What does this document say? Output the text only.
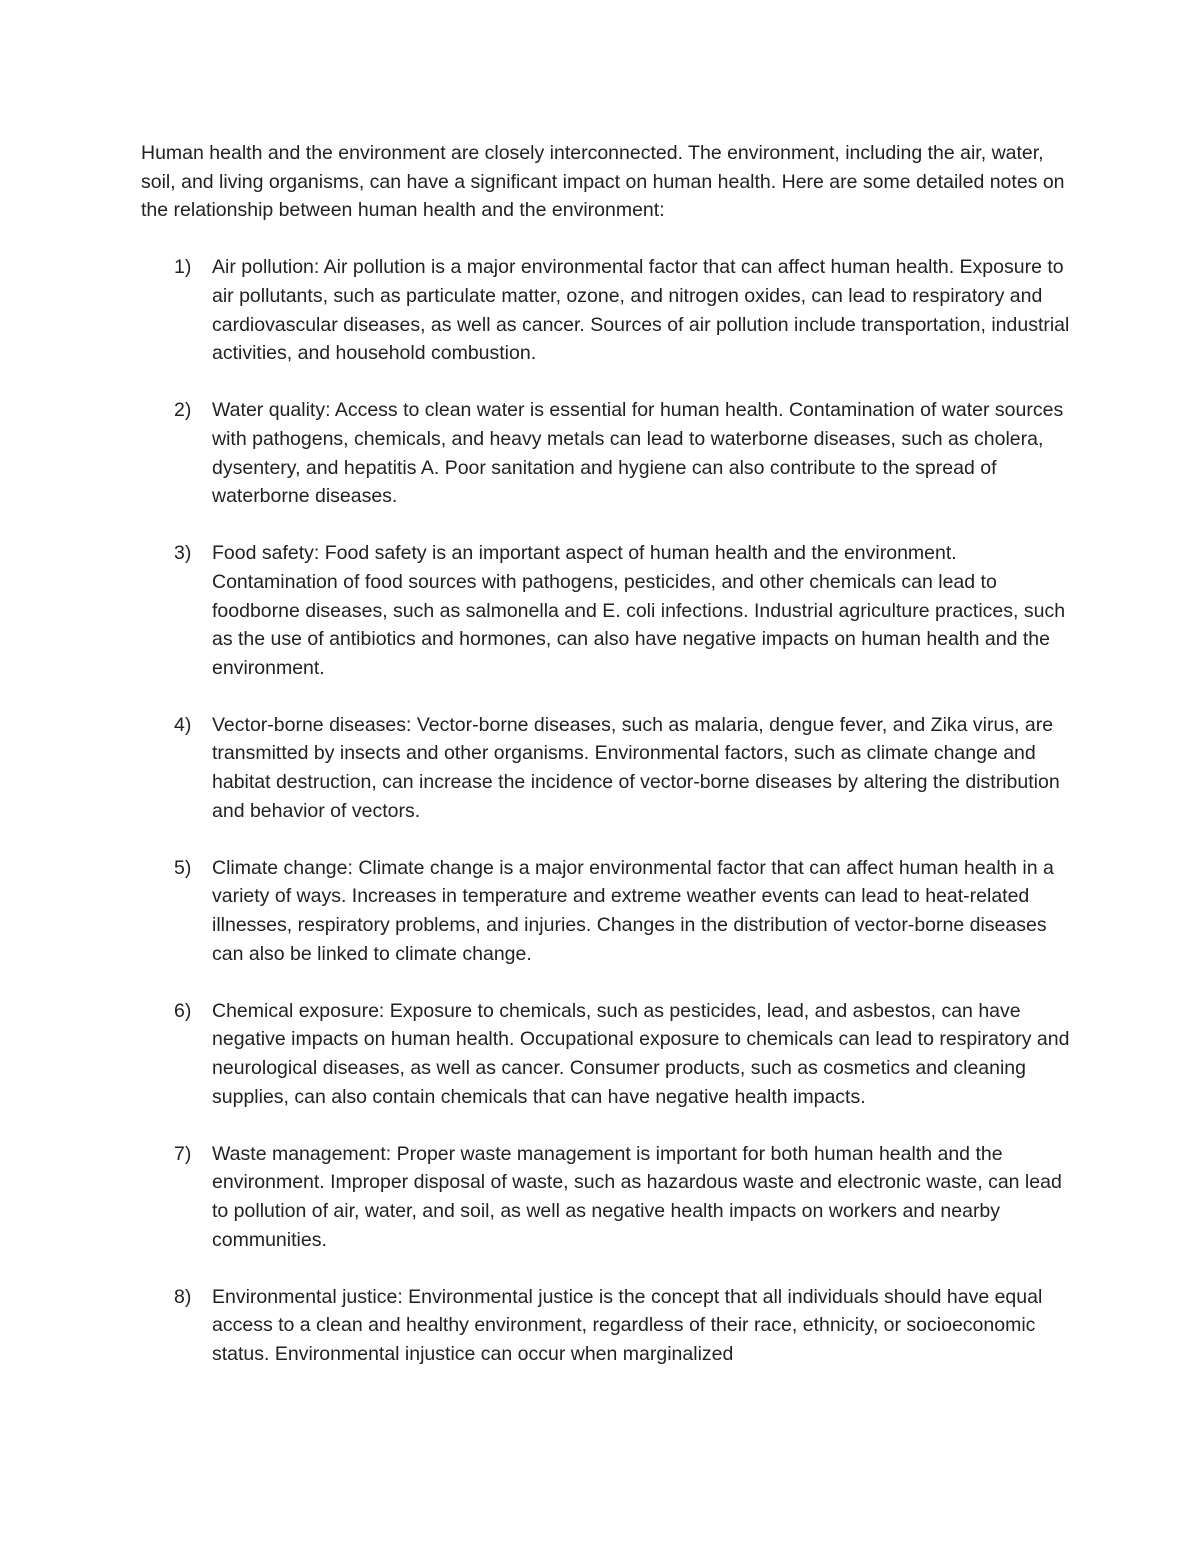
Human health and the environment are closely interconnected. The environment, including the air, water, soil, and living organisms, can have a significant impact on human health. Here are some detailed notes on the relationship between human health and the environment:

1) Air pollution: Air pollution is a major environmental factor that can affect human health. Exposure to air pollutants, such as particulate matter, ozone, and nitrogen oxides, can lead to respiratory and cardiovascular diseases, as well as cancer. Sources of air pollution include transportation, industrial activities, and household combustion.
2) Water quality: Access to clean water is essential for human health. Contamination of water sources with pathogens, chemicals, and heavy metals can lead to waterborne diseases, such as cholera, dysentery, and hepatitis A. Poor sanitation and hygiene can also contribute to the spread of waterborne diseases.
3) Food safety: Food safety is an important aspect of human health and the environment. Contamination of food sources with pathogens, pesticides, and other chemicals can lead to foodborne diseases, such as salmonella and E. coli infections. Industrial agriculture practices, such as the use of antibiotics and hormones, can also have negative impacts on human health and the environment.
4) Vector-borne diseases: Vector-borne diseases, such as malaria, dengue fever, and Zika virus, are transmitted by insects and other organisms. Environmental factors, such as climate change and habitat destruction, can increase the incidence of vector-borne diseases by altering the distribution and behavior of vectors.
5) Climate change: Climate change is a major environmental factor that can affect human health in a variety of ways. Increases in temperature and extreme weather events can lead to heat-related illnesses, respiratory problems, and injuries. Changes in the distribution of vector-borne diseases can also be linked to climate change.
6) Chemical exposure: Exposure to chemicals, such as pesticides, lead, and asbestos, can have negative impacts on human health. Occupational exposure to chemicals can lead to respiratory and neurological diseases, as well as cancer. Consumer products, such as cosmetics and cleaning supplies, can also contain chemicals that can have negative health impacts.
7) Waste management: Proper waste management is important for both human health and the environment. Improper disposal of waste, such as hazardous waste and electronic waste, can lead to pollution of air, water, and soil, as well as negative health impacts on workers and nearby communities.
8) Environmental justice: Environmental justice is the concept that all individuals should have equal access to a clean and healthy environment, regardless of their race, ethnicity, or socioeconomic status. Environmental injustice can occur when marginalized
